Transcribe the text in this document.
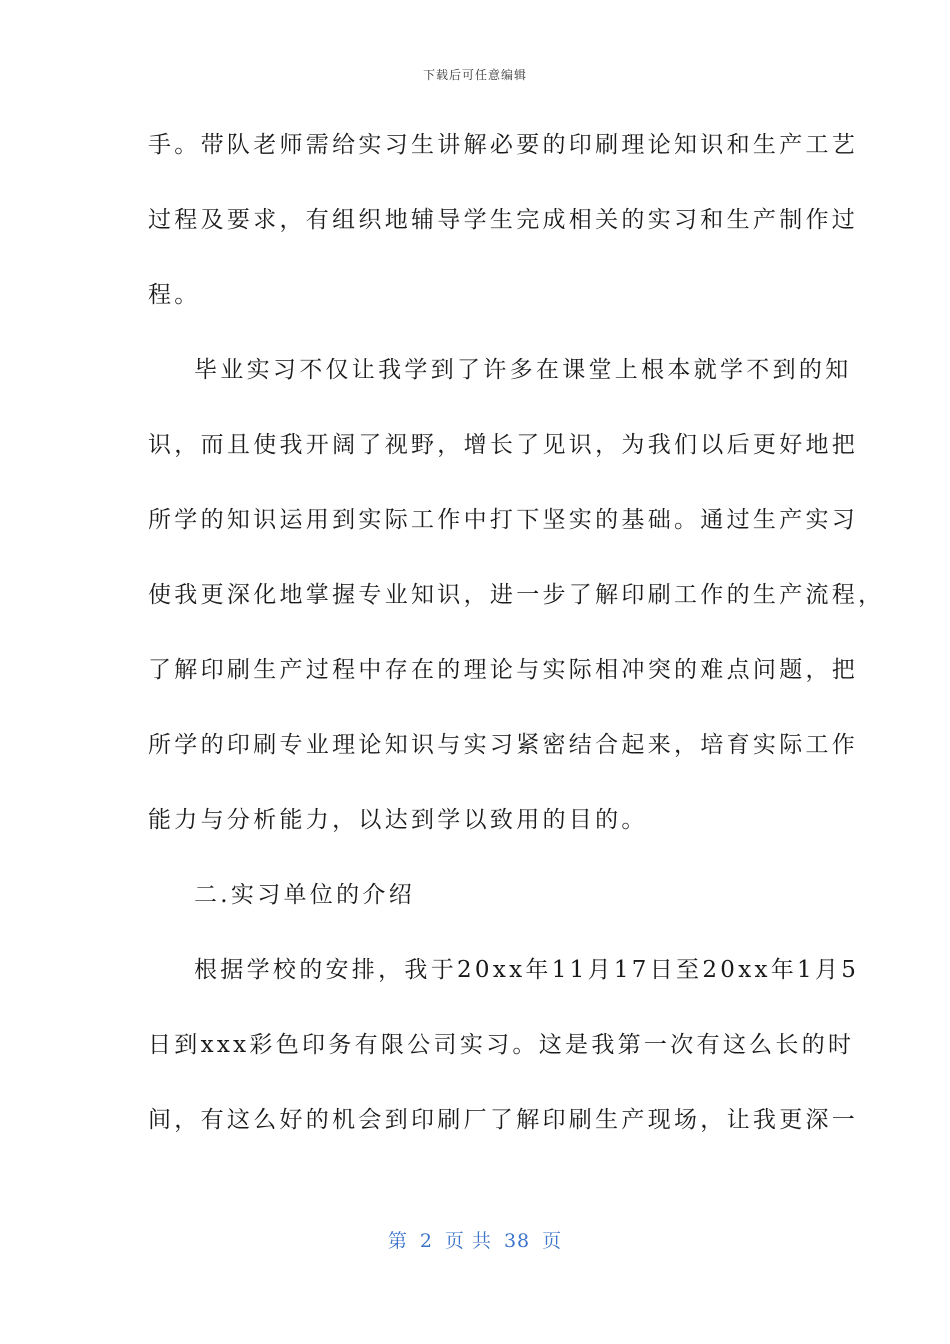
下载后可任意编辑
手。带队老师需给实习生讲解必要的印刷理论知识和生产工艺
过程及要求，有组织地辅导学生完成相关的实习和生产制作过
程。
毕业实习不仅让我学到了许多在课堂上根本就学不到的知
识，而且使我开阔了视野，增长了见识，为我们以后更好地把
所学的知识运用到实际工作中打下坚实的基础。通过生产实习
使我更深化地掌握专业知识，进一步了解印刷工作的生产流程，
了解印刷生产过程中存在的理论与实际相冲突的难点问题，把
所学的印刷专业理论知识与实习紧密结合起来，培育实际工作
能力与分析能力，以达到学以致用的目的。
二.实习单位的介绍
根据学校的安排，我于20xx年11月17日至20xx年1月5
日到xxx彩色印务有限公司实习。这是我第一次有这么长的时
间，有这么好的机会到印刷厂了解印刷生产现场，让我更深一
第 2 页 共 38 页
